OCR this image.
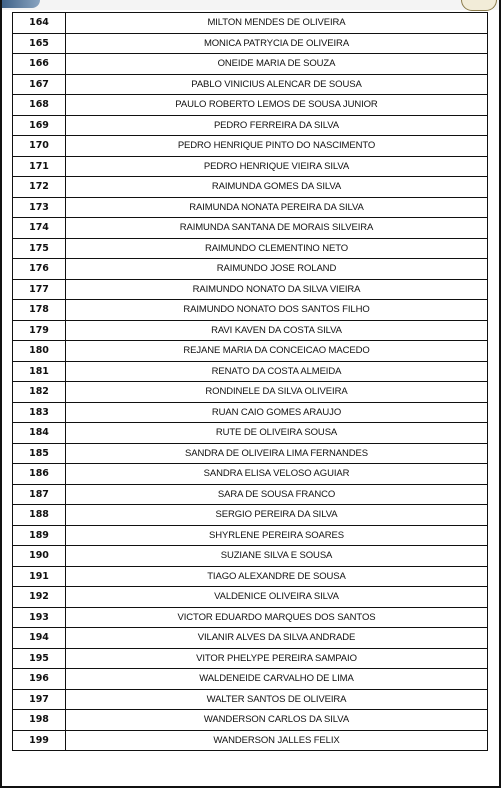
164	MILTON MENDES DE OLIVEIRA
165	MONICA PATRYCIA DE OLIVEIRA
166	ONEIDE MARIA DE SOUZA
167	PABLO VINICIUS ALENCAR DE SOUSA
168	PAULO ROBERTO LEMOS DE SOUSA JUNIOR
169	PEDRO FERREIRA DA SILVA
170	PEDRO HENRIQUE PINTO DO NASCIMENTO
171	PEDRO HENRIQUE VIEIRA SILVA
172	RAIMUNDA GOMES DA SILVA
173	RAIMUNDA NONATA PEREIRA DA SILVA
174	RAIMUNDA SANTANA DE MORAIS SILVEIRA
175	RAIMUNDO CLEMENTINO NETO
176	RAIMUNDO JOSE ROLAND
177	RAIMUNDO NONATO DA SILVA VIEIRA
178	RAIMUNDO NONATO DOS SANTOS FILHO
179	RAVI KAVEN DA COSTA SILVA
180	REJANE MARIA DA CONCEICAO MACEDO
181	RENATO DA COSTA ALMEIDA
182	RONDINELE DA SILVA OLIVEIRA
183	RUAN CAIO GOMES ARAUJO
184	RUTE DE OLIVEIRA SOUSA
185	SANDRA DE OLIVEIRA LIMA FERNANDES
186	SANDRA ELISA VELOSO AGUIAR
187	SARA DE SOUSA FRANCO
188	SERGIO PEREIRA DA SILVA
189	SHYRLENE PEREIRA SOARES
190	SUZIANE SILVA E SOUSA
191	TIAGO ALEXANDRE DE SOUSA
192	VALDENICE OLIVEIRA SILVA
193	VICTOR EDUARDO MARQUES DOS SANTOS
194	VILANIR ALVES DA SILVA ANDRADE
195	VITOR PHELYPE PEREIRA SAMPAIO
196	WALDENEIDE CARVALHO DE LIMA
197	WALTER SANTOS DE OLIVEIRA
198	WANDERSON CARLOS DA SILVA
199	WANDERSON JALLES FELIX
